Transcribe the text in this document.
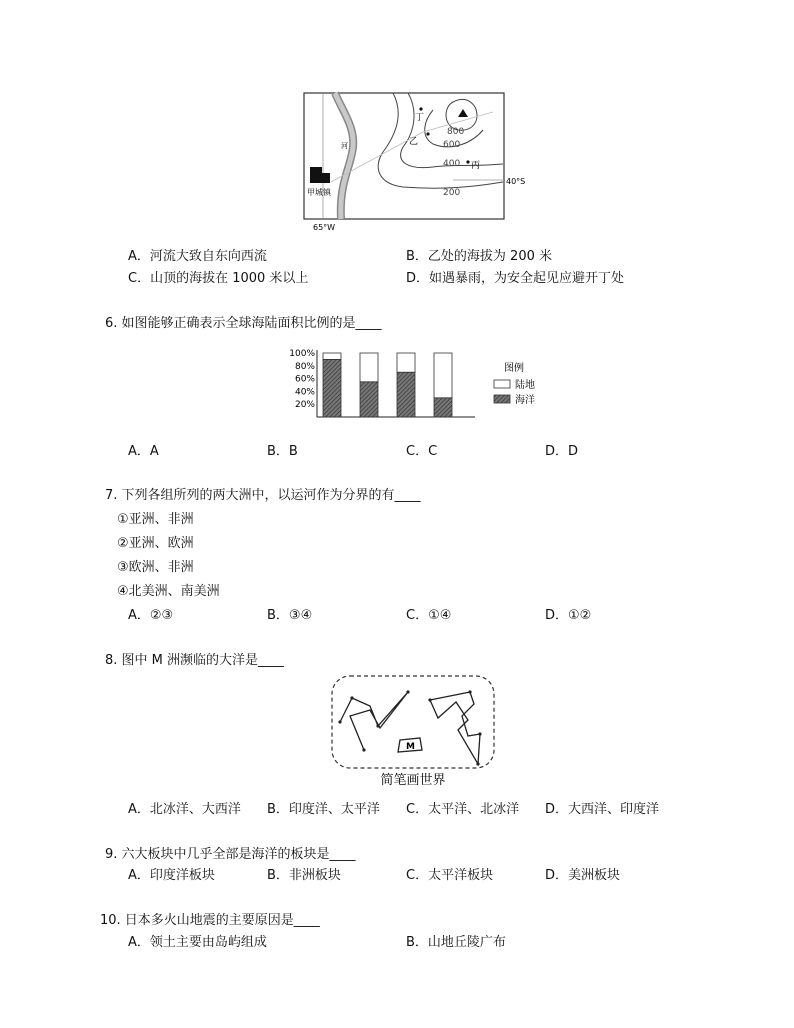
丁
乙
丙
甲城镇
河
40°S
65°W
800
600
400
200
A．河流大致自东向西流	B．乙处的海拔为 200 米
C．山顶的海拔在 1000 米以上	D．如遇暴雨，为安全起见应避开丁处
6. 如图能够正确表示全球海陆面积比例的是____
100%
80%
60%
40%
20%
图例
陆地
海洋
A．A	B．B	C．C	D．D
7. 下列各组所列的两大洲中，以运河作为分界的有____
①亚洲、非洲
②亚洲、欧洲
③欧洲、非洲
④北美洲、南美洲
A．②③	B．③④	C．①④	D．①②
8. 图中 M 洲濒临的大洋是____
M
简笔画世界
A．北冰洋、大西洋 B．印度洋、太平洋 C．太平洋、北冰洋 D．大西洋、印度洋
9. 六大板块中几乎全部是海洋的板块是____
A．印度洋板块	B．非洲板块	C．太平洋板块	D．美洲板块
10. 日本多火山地震的主要原因是____
A．领土主要由岛屿组成	B．山地丘陵广布
